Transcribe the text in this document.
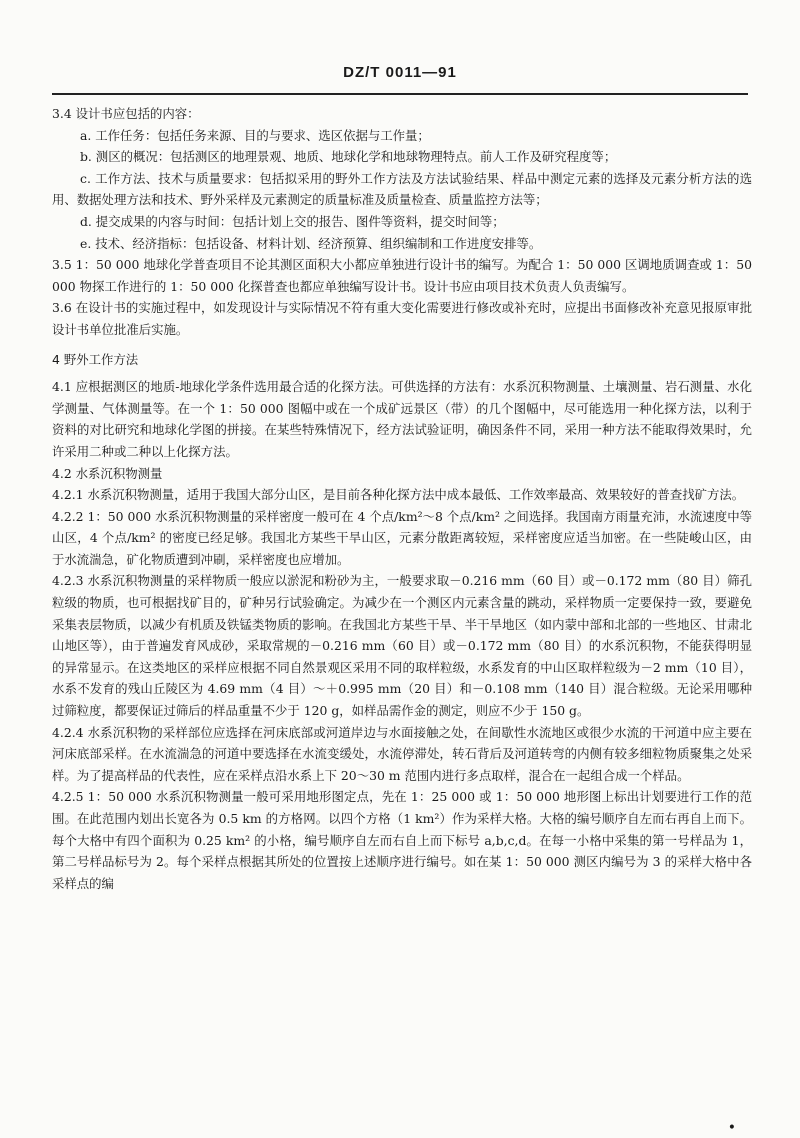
DZ/T 0011—91

3.4 设计书应包括的内容：

a. 工作任务：包括任务来源、目的与要求、选区依据与工作量；

b. 测区的概况：包括测区的地理景观、地质、地球化学和地球物理特点。前人工作及研究程度等；

c. 工作方法、技术与质量要求：包括拟采用的野外工作方法及方法试验结果、样品中测定元素的选择及元素分析方法的选用、数据处理方法和技术、野外采样及元素测定的质量标准及质量检查、质量监控方法等；

d. 提交成果的内容与时间：包括计划上交的报告、图件等资料，提交时间等；

e. 技术、经济指标：包括设备、材料计划、经济预算、组织编制和工作进度安排等。

3.5 1：50 000 地球化学普查项目不论其测区面积大小都应单独进行设计书的编写。为配合 1：50 000 区调地质调查或 1：50 000 物探工作进行的 1：50 000 化探普查也都应单独编写设计书。设计书应由项目技术负责人负责编写。

3.6 在设计书的实施过程中，如发现设计与实际情况不符有重大变化需要进行修改或补充时，应提出书面修改补充意见报原审批设计书单位批准后实施。

4 野外工作方法

4.1 应根据测区的地质-地球化学条件选用最合适的化探方法。可供选择的方法有：水系沉积物测量、土壤测量、岩石测量、水化学测量、气体测量等。在一个 1：50 000 图幅中或在一个成矿远景区（带）的几个图幅中，尽可能选用一种化探方法，以利于资料的对比研究和地球化学图的拼接。在某些特殊情况下，经方法试验证明，确因条件不同，采用一种方法不能取得效果时，允许采用二种或二种以上化探方法。

4.2 水系沉积物测量

4.2.1 水系沉积物测量，适用于我国大部分山区，是目前各种化探方法中成本最低、工作效率最高、效果较好的普查找矿方法。

4.2.2 1：50 000 水系沉积物测量的采样密度一般可在 4 个点/km²～8 个点/km² 之间选择。我国南方雨量充沛，水流速度中等山区，4 个点/km² 的密度已经足够。我国北方某些干旱山区，元素分散距离较短，采样密度应适当加密。在一些陡峻山区，由于水流湍急，矿化物质遭到冲刷，采样密度也应增加。

4.2.3 水系沉积物测量的采样物质一般应以淤泥和粉砂为主，一般要求取－0.216 mm（60 目）或－0.172 mm（80 目）筛孔粒级的物质，也可根据找矿目的，矿种另行试验确定。为减少在一个测区内元素含量的跳动，采样物质一定要保持一致，要避免采集表层物质，以减少有机质及铁锰类物质的影响。在我国北方某些干旱、半干旱地区（如内蒙中部和北部的一些地区、甘肃北山地区等），由于普遍发育风成砂，采取常规的－0.216 mm（60 目）或－0.172 mm（80 目）的水系沉积物，不能获得明显的异常显示。在这类地区的采样应根据不同自然景观区采用不同的取样粒级，水系发育的中山区取样粒级为－2 mm（10 目），水系不发育的残山丘陵区为 4.69 mm（4 目）～＋0.995 mm（20 目）和－0.108 mm（140 目）混合粒级。无论采用哪种过筛粒度，都要保证过筛后的样品重量不少于 120 g，如样品需作金的测定，则应不少于 150 g。

4.2.4 水系沉积物的采样部位应选择在河床底部或河道岸边与水面接触之处，在间歇性水流地区或很少水流的干河道中应主要在河床底部采样。在水流湍急的河道中要选择在水流变缓处，水流停滞处，转石背后及河道转弯的内侧有较多细粒物质聚集之处采样。为了提高样品的代表性，应在采样点沿水系上下 20～30 m 范围内进行多点取样，混合在一起组合成一个样品。

4.2.5 1：50 000 水系沉积物测量一般可采用地形图定点，先在 1：25 000 或 1：50 000 地形图上标出计划要进行工作的范围。在此范围内划出长宽各为 0.5 km 的方格网。以四个方格（1 km²）作为采样大格。大格的编号顺序自左而右再自上而下。每个大格中有四个面积为 0.25 km² 的小格，编号顺序自左而右自上而下标号 a,b,c,d。在每一小格中采集的第一号样品为 1，第二号样品标号为 2。每个采样点根据其所处的位置按上述顺序进行编号。如在某 1：50 000 测区内编号为 3 的采样大格中各采样点的编

•
